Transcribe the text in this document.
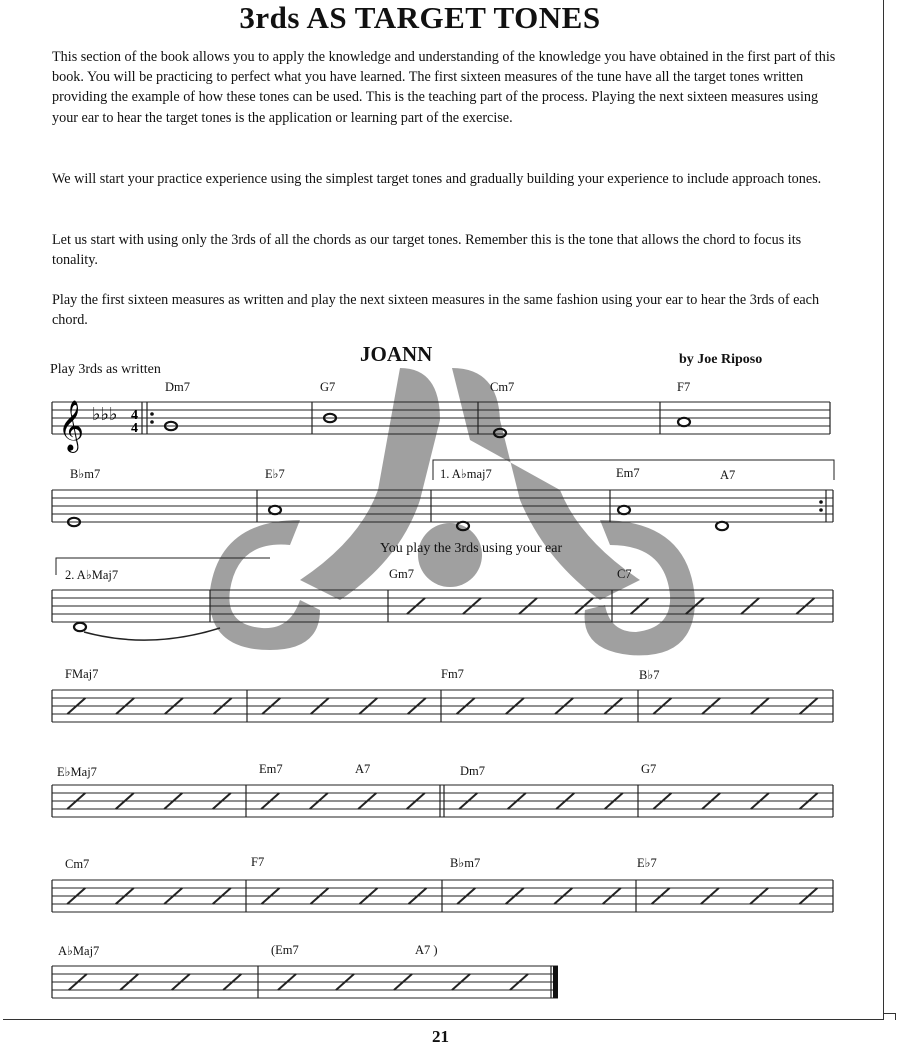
3rds AS TARGET TONES

This section of the book allows you to apply the knowledge and understanding of the knowledge you have obtained in the first part of this book. You will be practicing to perfect what you have learned. The first sixteen measures of the tune have all the target tones written providing the example of how these tones can be used. This is the teaching part of the process. Playing the next sixteen measures using your ear to hear the target tones is the application or learning part of the exercise.

We will start your practice experience using the simplest target tones and gradually building your experience to include approach tones.

Let us start with using only the 3rds of all the chords as our target tones. Remember this is the tone that allows the chord to focus its tonality.

Play the first sixteen measures as written and play the next sixteen measures in the same fashion using your ear to hear the 3rds of each chord.

𝄞 ♭♭♭ 4
4
JOANN	by Joe Riposo
Play 3rds as written
Dm7	G7	Cm7	F7
B♭m7	E♭7	1. A♭maj7	Em7	A7
You play the 3rds using your ear
2. A♭Maj7	Gm7	C7
FMaj7	Fm7	B♭7
E♭Maj7	Em7	A7	Dm7	G7
Cm7	F7	B♭m7	E♭7
A♭Maj7	(Em7	A7 )
21
